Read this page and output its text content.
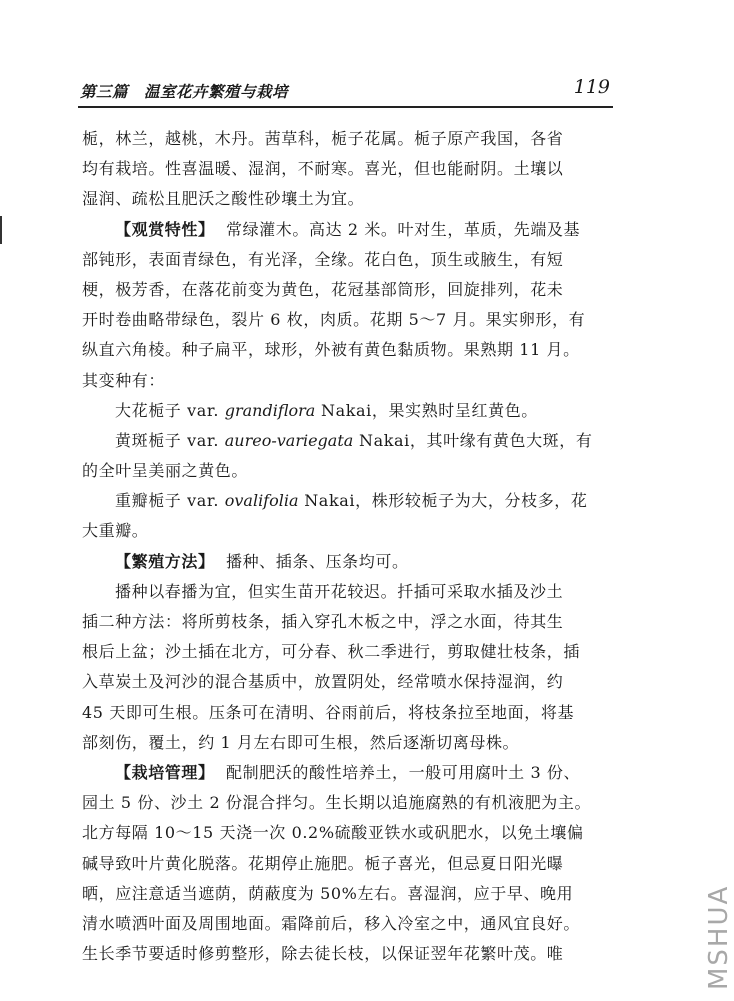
第三篇　温室花卉繁殖与栽培	119
栀，林兰，越桃，木丹。茜草科，栀子花属。栀子原产我国，各省
均有栽培。性喜温暖、湿润，不耐寒。喜光，但也能耐阴。土壤以
湿润、疏松且肥沃之酸性砂壤土为宜。
【观赏特性】 常绿灌木。高达 2 米。叶对生，革质，先端及基
部钝形，表面青绿色，有光泽，全缘。花白色，顶生或腋生，有短
梗，极芳香，在落花前变为黄色，花冠基部筒形，回旋排列，花未
开时卷曲略带绿色，裂片 6 枚，肉质。花期 5～7 月。果实卵形，有
纵直六角棱。种子扁平，球形，外被有黄色黏质物。果熟期 11 月。
其变种有：
大花栀子 var. grandiflora Nakai，果实熟时呈红黄色。
黄斑栀子 var. aureo-variegata Nakai，其叶缘有黄色大斑，有
的全叶呈美丽之黄色。
重瓣栀子 var. ovalifolia Nakai，株形较栀子为大，分枝多，花
大重瓣。
【繁殖方法】 播种、插条、压条均可。
播种以春播为宜，但实生苗开花较迟。扦插可采取水插及沙土
插二种方法：将所剪枝条，插入穿孔木板之中，浮之水面，待其生
根后上盆；沙土插在北方，可分春、秋二季进行，剪取健壮枝条，插
入草炭土及河沙的混合基质中，放置阴处，经常喷水保持湿润，约
45 天即可生根。压条可在清明、谷雨前后，将枝条拉至地面，将基
部刻伤，覆土，约 1 月左右即可生根，然后逐渐切离母株。
【栽培管理】 配制肥沃的酸性培养土，一般可用腐叶土 3 份、
园土 5 份、沙土 2 份混合拌匀。生长期以追施腐熟的有机液肥为主。
北方每隔 10～15 天浇一次 0.2%硫酸亚铁水或矾肥水，以免土壤偏
碱导致叶片黄化脱落。花期停止施肥。栀子喜光，但忌夏日阳光曝
晒，应注意适当遮荫，荫蔽度为 50%左右。喜湿润，应于早、晚用
清水喷洒叶面及周围地面。霜降前后，移入冷室之中，通风宜良好。
生长季节要适时修剪整形，除去徒长枝，以保证翌年花繁叶茂。唯	MSHUA
